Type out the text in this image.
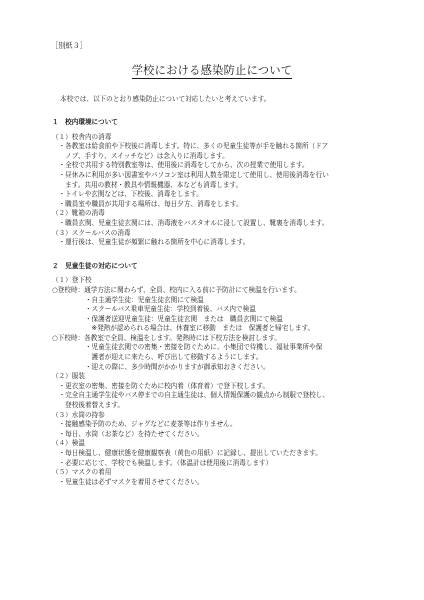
［別紙３］
学校における感染防止について
本校では、以下のとおり感染防止について対応したいと考えています。
１　校内環境について
（１）校舎内の消毒
　・各教室は給食前や下校後に消毒します。特に、多くの児童生徒等が手を触れる箇所（ドア
　　ノブ、手すり、スイッチなど）は念入りに消毒します。
　・全校で共用する特別教室等は、使用後に消毒をしてから、次の授業で使用します。
　・昼休みに利用が多い図書室やパソコン室は利用人数を限定して使用し、使用後消毒を行い
　　ます。共用の教材・教具や情報機器、本なども消毒します。
　・トイレや玄関などは、下校後、消毒をします。
　・職員室や職員が共用する場所は、毎日夕方、消毒をします。
（２）靴箱の消毒
　・職員玄関、児童生徒玄関には、消毒液をバスタオルに浸して設置し、靴裏を消毒します。
（３）スクールバスの消毒
　・運行後は、児童生徒が頻繁に触れる箇所を中心に消毒します。
２　児童生徒の対応について
（１）登下校
○登校時：通学方法に関わらず、全員、校内に入る前に予防計にて検温を行います。
　　　　　・自主通学生徒：児童生徒玄関にて検温
　　　　　・スクールバス乗車児童生徒：学校到着後、バス内で検温
　　　　　・保護者送迎児童生徒：児童生徒玄関　または　職員玄関にて検温
　　　　　　※発熱が認められる場合は、休養室に移動　または　保護者と帰宅します。
○下校時：各教室で全員、検温をします。発熱時には下校方法を検討します。
　　　　　・児童生徒玄関での密集・密接を防ぐために、小集団で待機し、福祉事業所や保
　　　　　　護者が迎えに来たら、呼び出して移動するようにします。
　　　　　・迎えの際に、多少時間がかかりますが御承知おきください。
（２）服装
　・更衣室の密集、密接を防ぐために校内着（体育着）で登下校します。
　・完全自主通学生徒やバス停までの自主通生徒は、個人情報保護の観点から制服で登校し、
　　登校後着替えます。
（３）水筒の持参
　・接触感染予防のため、ジャグなどに麦茶等は作りません。
　・毎日、水筒（お茶など）を持たせてください。
（４）検温
　・毎日検温し、健康状態を健康観察表（黄色の用紙）に記録し、提出していただきます。
　・必要に応じて、学校でも検温します。（体温計は使用後に消毒します）
（５）マスクの着用
　・児童生徒は必ずマスクを着用させてください。
